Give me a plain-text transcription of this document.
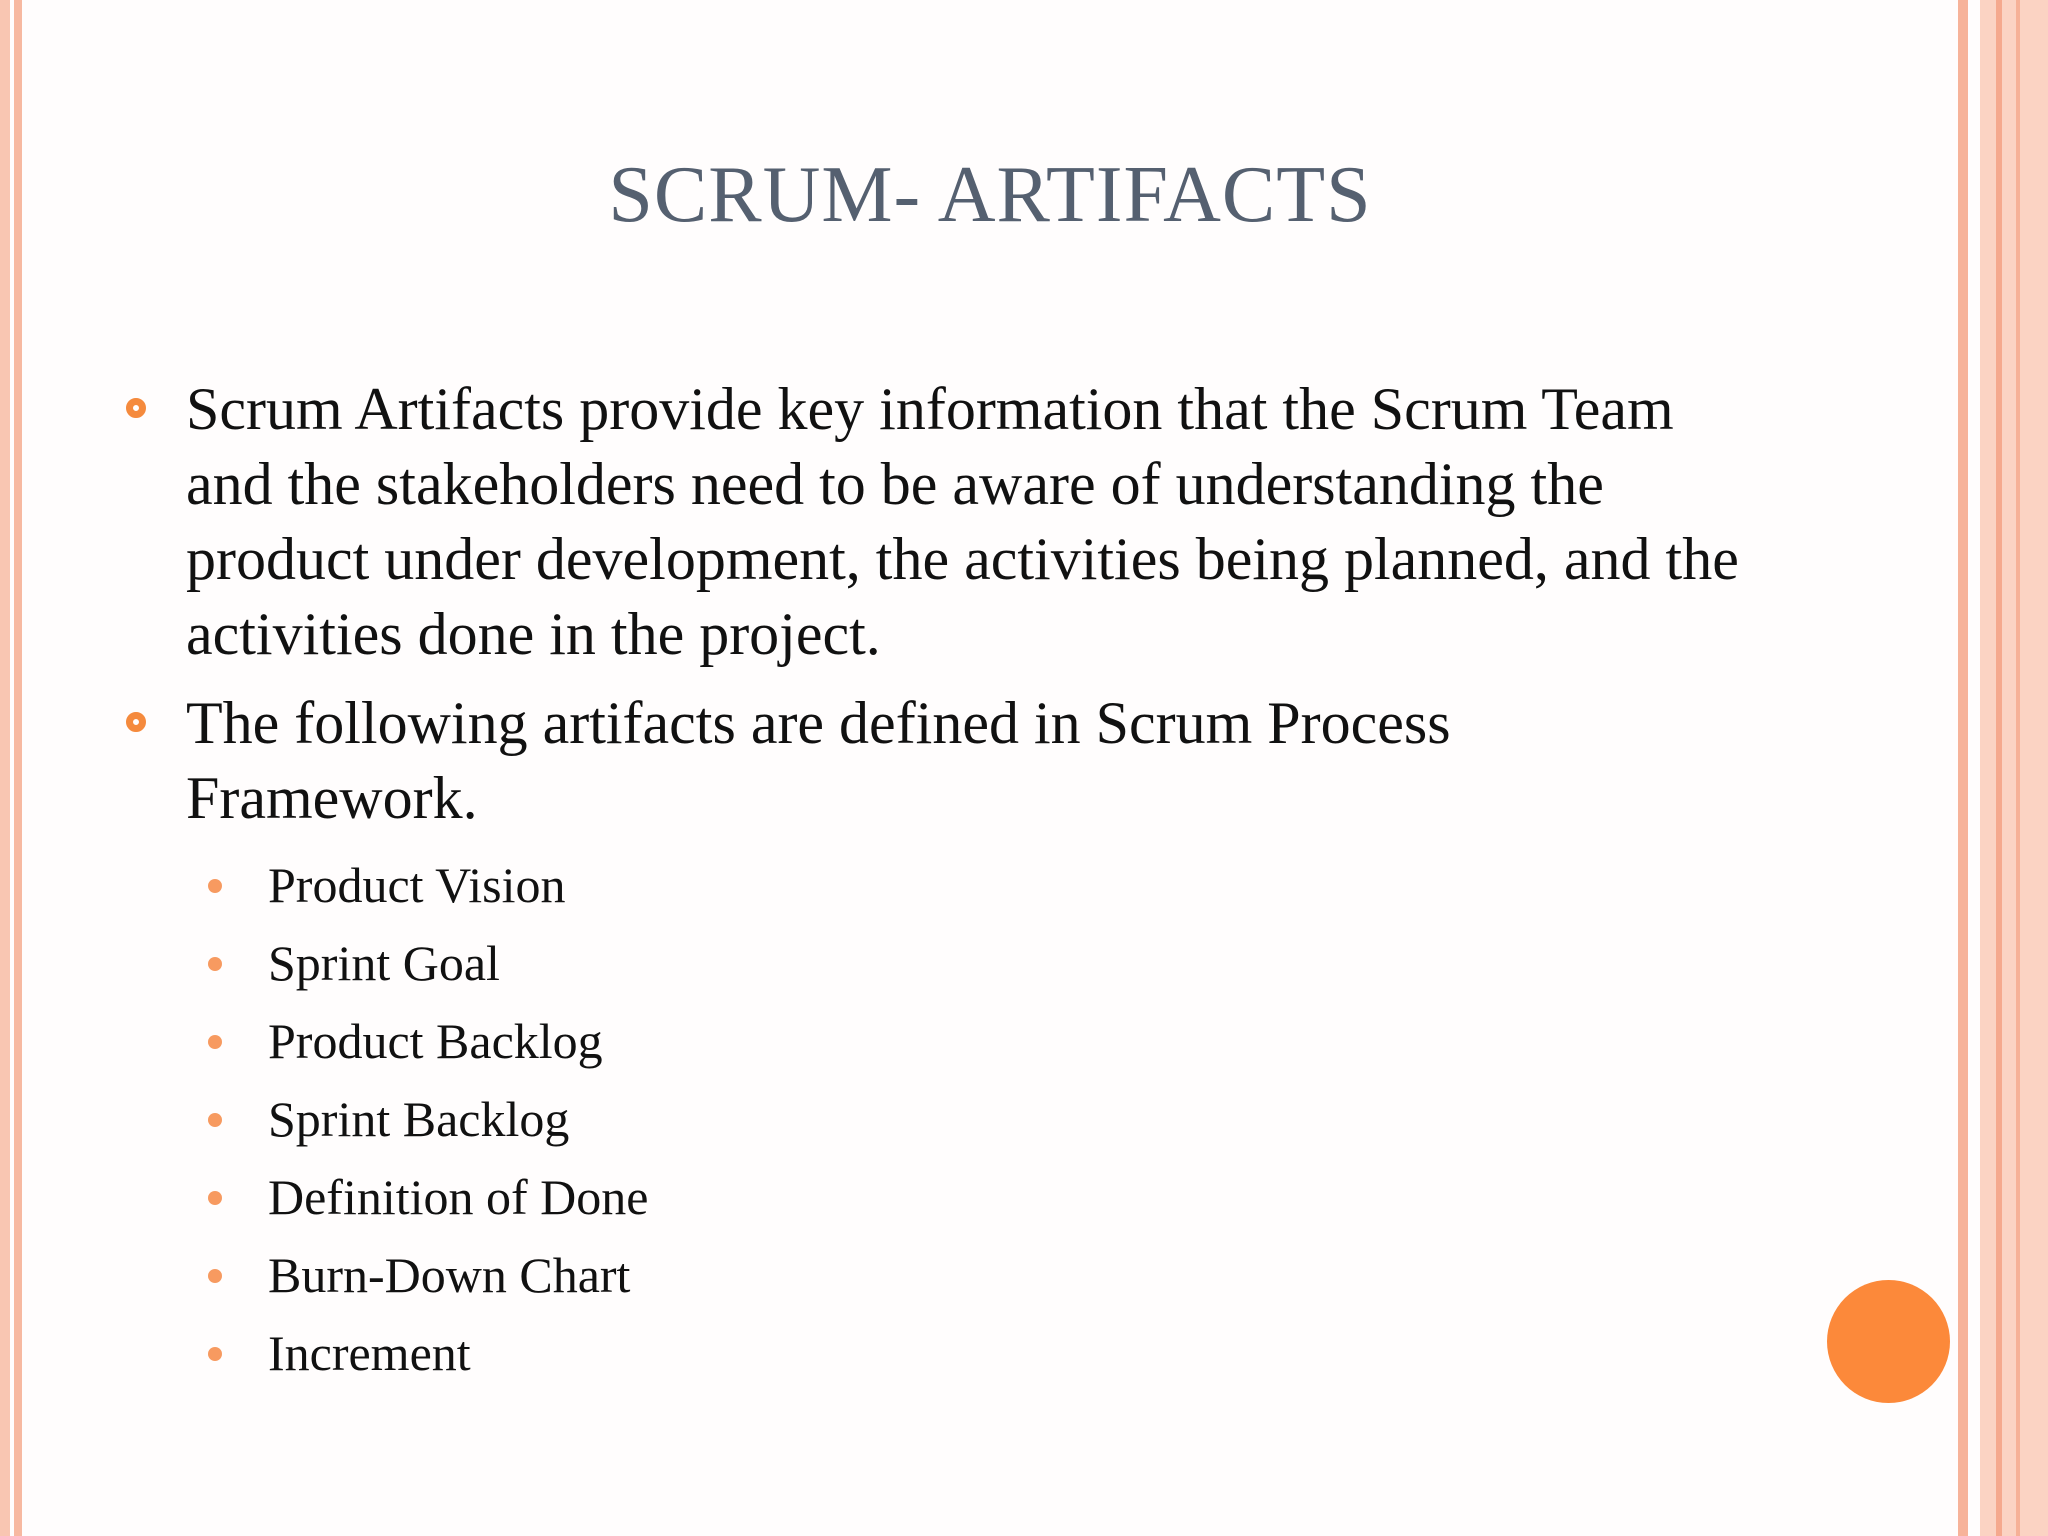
SCRUM- ARTIFACTS
Scrum Artifacts provide key information that the Scrum Team and the stakeholders need to be aware of understanding the product under development, the activities being planned, and the activities done in the project.
The following artifacts are defined in Scrum Process Framework.
Product Vision
Sprint Goal
Product Backlog
Sprint Backlog
Definition of Done
Burn-Down Chart
Increment
